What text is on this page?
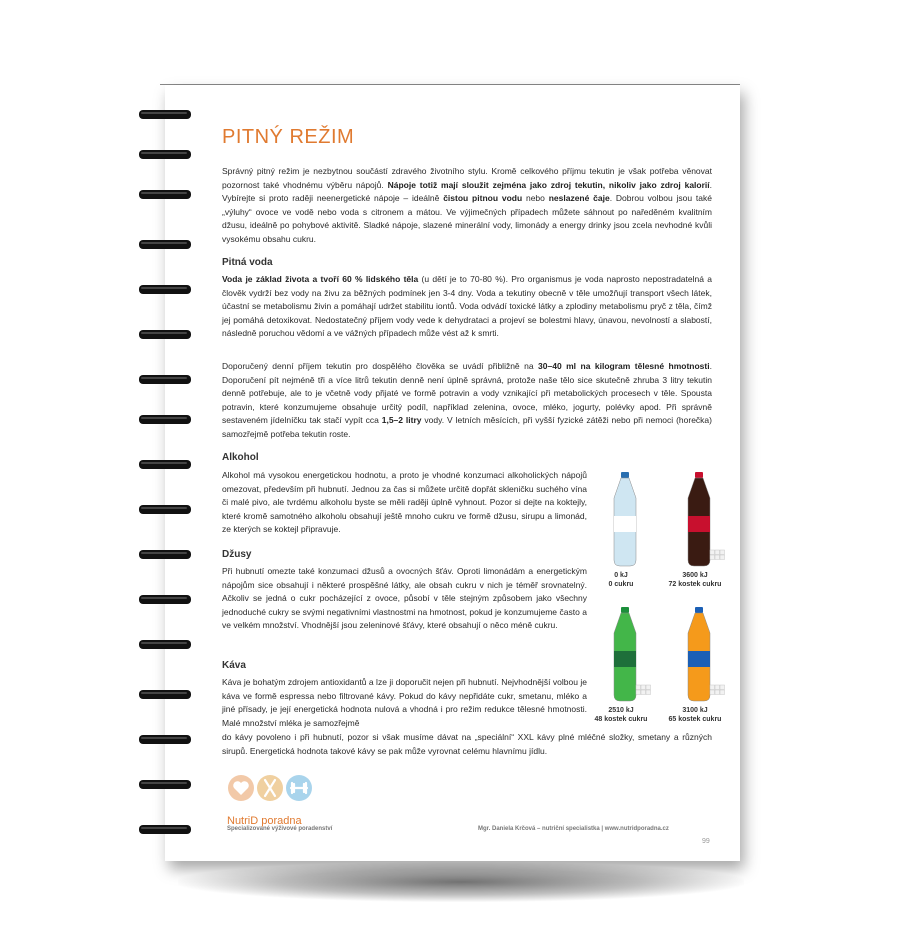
PITNÝ REŽIM

Správný pitný režim je nezbytnou součástí zdravého životního stylu. Kromě celkového příjmu tekutin je však potřeba věnovat pozornost také vhodnému výběru nápojů. Nápoje totiž mají sloužit zejména jako zdroj tekutin, nikoliv jako zdroj kalorií. Vybírejte si proto raději neenergetické nápoje – ideálně čistou pitnou vodu nebo neslazené čaje. Dobrou volbou jsou také „výluhy“ ovoce ve vodě nebo voda s citronem a mátou. Ve výjimečných případech můžete sáhnout po naředěném kvalitním džusu, ideálně po pohybové aktivitě. Sladké nápoje, slazené minerální vody, limonády a energy drinky jsou zcela nevhodné kvůli vysokému obsahu cukru.

Pitná voda

Voda je základ života a tvoří 60 % lidského těla (u dětí je to 70-80 %). Pro organismus je voda naprosto nepostradatelná a člověk vydrží bez vody na živu za běžných podmínek jen 3-4 dny. Voda a tekutiny obecně v těle umožňují transport všech látek, účastní se metabolismu živin a pomáhají udržet stabilitu iontů. Voda odvádí toxické látky a zplodiny metabolismu pryč z těla, čímž jej pomáhá detoxikovat. Nedostatečný příjem vody vede k dehydrataci a projeví se bolestmi hlavy, únavou, nevolností a slabostí, následně poruchou vědomí a ve vážných případech může vést až k smrti.

Doporučený denní příjem tekutin pro dospělého člověka se uvádí přibližně na 30–40 ml na kilogram tělesné hmotnosti. Doporučení pít nejméně tři a více litrů tekutin denně není úplně správná, protože naše tělo sice skutečně zhruba 3 litry tekutin denně potřebuje, ale to je včetně vody přijaté ve formě potravin a vody vznikající při metabolických procesech v těle. Spousta potravin, které konzumujeme obsahuje určitý podíl, například zelenina, ovoce, mléko, jogurty, polévky apod. Při správně sestaveném jídelníčku tak stačí vypít cca 1,5–2 litry vody. V letních měsících, při vyšší fyzické zátěži nebo při nemoci (horečka) samozřejmě potřeba tekutin roste.

Alkohol

Alkohol má vysokou energetickou hodnotu, a proto je vhodné konzumaci alkoholických nápojů omezovat, především při hubnutí. Jednou za čas si můžete určitě dopřát skleničku suchého vína či malé pivo, ale tvrdému alkoholu byste se měli raději úplně vyhnout. Pozor si dejte na koktejly, které kromě samotného alkoholu obsahují ještě mnoho cukru ve formě džusu, sirupu a limonád, ze kterých se koktejl připravuje.

Džusy

Při hubnutí omezte také konzumaci džusů a ovocných šťáv. Oproti limonádám a energetickým nápojům sice obsahují i některé prospěšné látky, ale obsah cukru v nich je téměř srovnatelný. Ačkoliv se jedná o cukr pocházející z ovoce, působí v těle stejným způsobem jako všechny jednoduché cukry se svými negativními vlastnostmi na hmotnost, pokud je konzumujeme často a ve velkém množství. Vhodnější jsou zeleninové šťávy, které obsahují o něco méně cukru.

Káva

Káva je bohatým zdrojem antioxidantů a lze ji doporučit nejen při hubnutí. Nejvhodnější volbou je káva ve formě espressa nebo filtrované kávy. Pokud do kávy nepřidáte cukr, smetanu, mléko a jiné přísady, je její energetická hodnota nulová a vhodná i pro režim redukce tělesné hmotnosti. Malé množství mléka je samozřejmě

do kávy povoleno i při hubnutí, pozor si však musíme dávat na „speciální“ XXL kávy plné mléčné složky, smetany a různých sirupů. Energetická hodnota takové kávy se pak může vyrovnat celému hlavnímu jídlu.

0 kJ
0 cukru
3600 kJ
72 kostek cukru
2510 kJ
48 kostek cukru
3100 kJ
65 kostek cukru
NutriD poradna
Specializované výživové poradenství	Mgr. Daniela Krčová – nutriční specialistka | www.nutridporadna.cz
99
